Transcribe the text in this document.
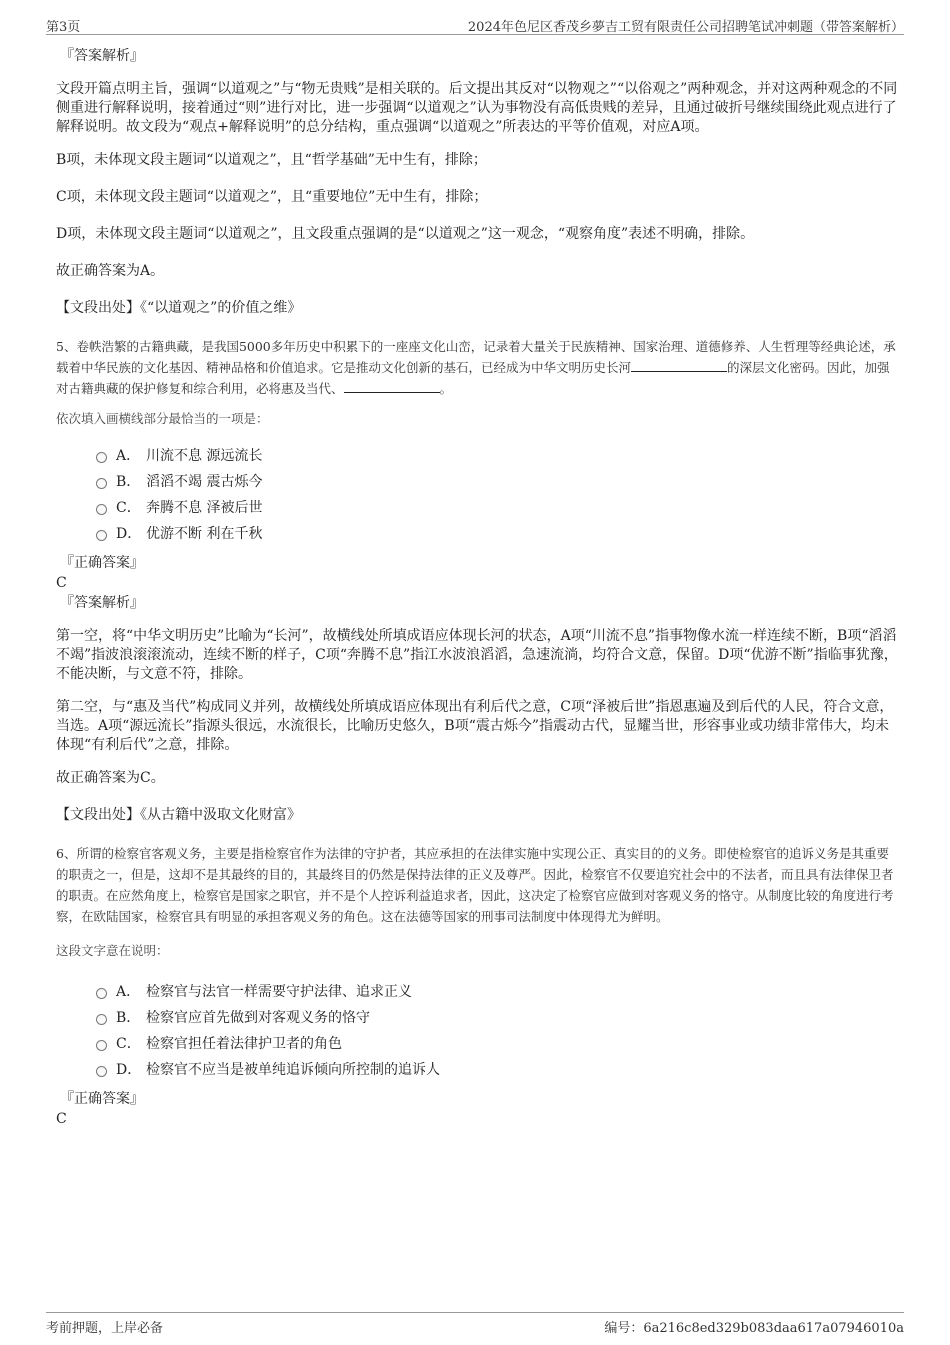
第3页	2024年色尼区香茂乡夢吉工贸有限责任公司招聘笔试冲刺题（带答案解析）

『答案解析』

文段开篇点明主旨，强调“以道观之”与“物无贵贱”是相关联的。后文提出其反对“以物观之”“以俗观之”两种观念，并对这两种观念的不同侧重进行解释说明，接着通过“则”进行对比，进一步强调“以道观之”认为事物没有高低贵贱的差异，且通过破折号继续围绕此观点进行了解释说明。故文段为“观点+解释说明”的总分结构，重点强调“以道观之”所表达的平等价值观，对应A项。

B项，未体现文段主题词“以道观之”，且“哲学基础”无中生有，排除；

C项，未体现文段主题词“以道观之”，且“重要地位”无中生有，排除；

D项，未体现文段主题词“以道观之”，且文段重点强调的是“以道观之”这一观念，“观察角度”表述不明确，排除。

故正确答案为A。

【文段出处】《“以道观之”的价值之维》

5、卷帙浩繁的古籍典藏，是我国5000多年历史中积累下的一座座文化山峦，记录着大量关于民族精神、国家治理、道德修养、人生哲理等经典论述，承载着中华民族的文化基因、精神品格和价值追求。它是推动文化创新的基石，已经成为中华文明历史长河	的深层文化密码。因此，加强对古籍典藏的保护修复和综合利用，必将惠及当代、	。

依次填入画横线部分最恰当的一项是：

A． 川流不息 源远流长
B． 滔滔不竭 震古烁今
C． 奔腾不息 泽被后世
D． 优游不断 利在千秋

『正确答案』

C

『答案解析』

第一空，将“中华文明历史”比喻为“长河”，故横线处所填成语应体现长河的状态，A项“川流不息”指事物像水流一样连续不断，B项“滔滔不竭”指波浪滚滚流动，连续不断的样子，C项“奔腾不息”指江水波浪滔滔，急速流淌，均符合文意，保留。D项“优游不断”指临事犹豫，不能决断，与文意不符，排除。

第二空，与“惠及当代”构成同义并列，故横线处所填成语应体现出有利后代之意，C项“泽被后世”指恩惠遍及到后代的人民，符合文意，当选。A项“源远流长”指源头很远，水流很长，比喻历史悠久，B项“震古烁今”指震动古代，显耀当世，形容事业或功绩非常伟大，均未体现“有利后代”之意，排除。

故正确答案为C。

【文段出处】《从古籍中汲取文化财富》

6、所谓的检察官客观义务，主要是指检察官作为法律的守护者，其应承担的在法律实施中实现公正、真实目的的义务。即使检察官的追诉义务是其重要的职责之一，但是，这却不是其最终的目的，其最终目的仍然是保持法律的正义及尊严。因此，检察官不仅要追究社会中的不法者，而且具有法律保卫者的职责。在应然角度上，检察官是国家之职官，并不是个人控诉利益追求者，因此，这决定了检察官应做到对客观义务的恪守。从制度比较的角度进行考察，在欧陆国家，检察官具有明显的承担客观义务的角色。这在法德等国家的刑事司法制度中体现得尤为鲜明。

这段文字意在说明：

A． 检察官与法官一样需要守护法律、追求正义
B． 检察官应首先做到对客观义务的恪守
C． 检察官担任着法律护卫者的角色
D． 检察官不应当是被单纯追诉倾向所控制的追诉人

『正确答案』

C

考前押题，上岸必备	编号：6a216c8ed329b083daa617a07946010a
